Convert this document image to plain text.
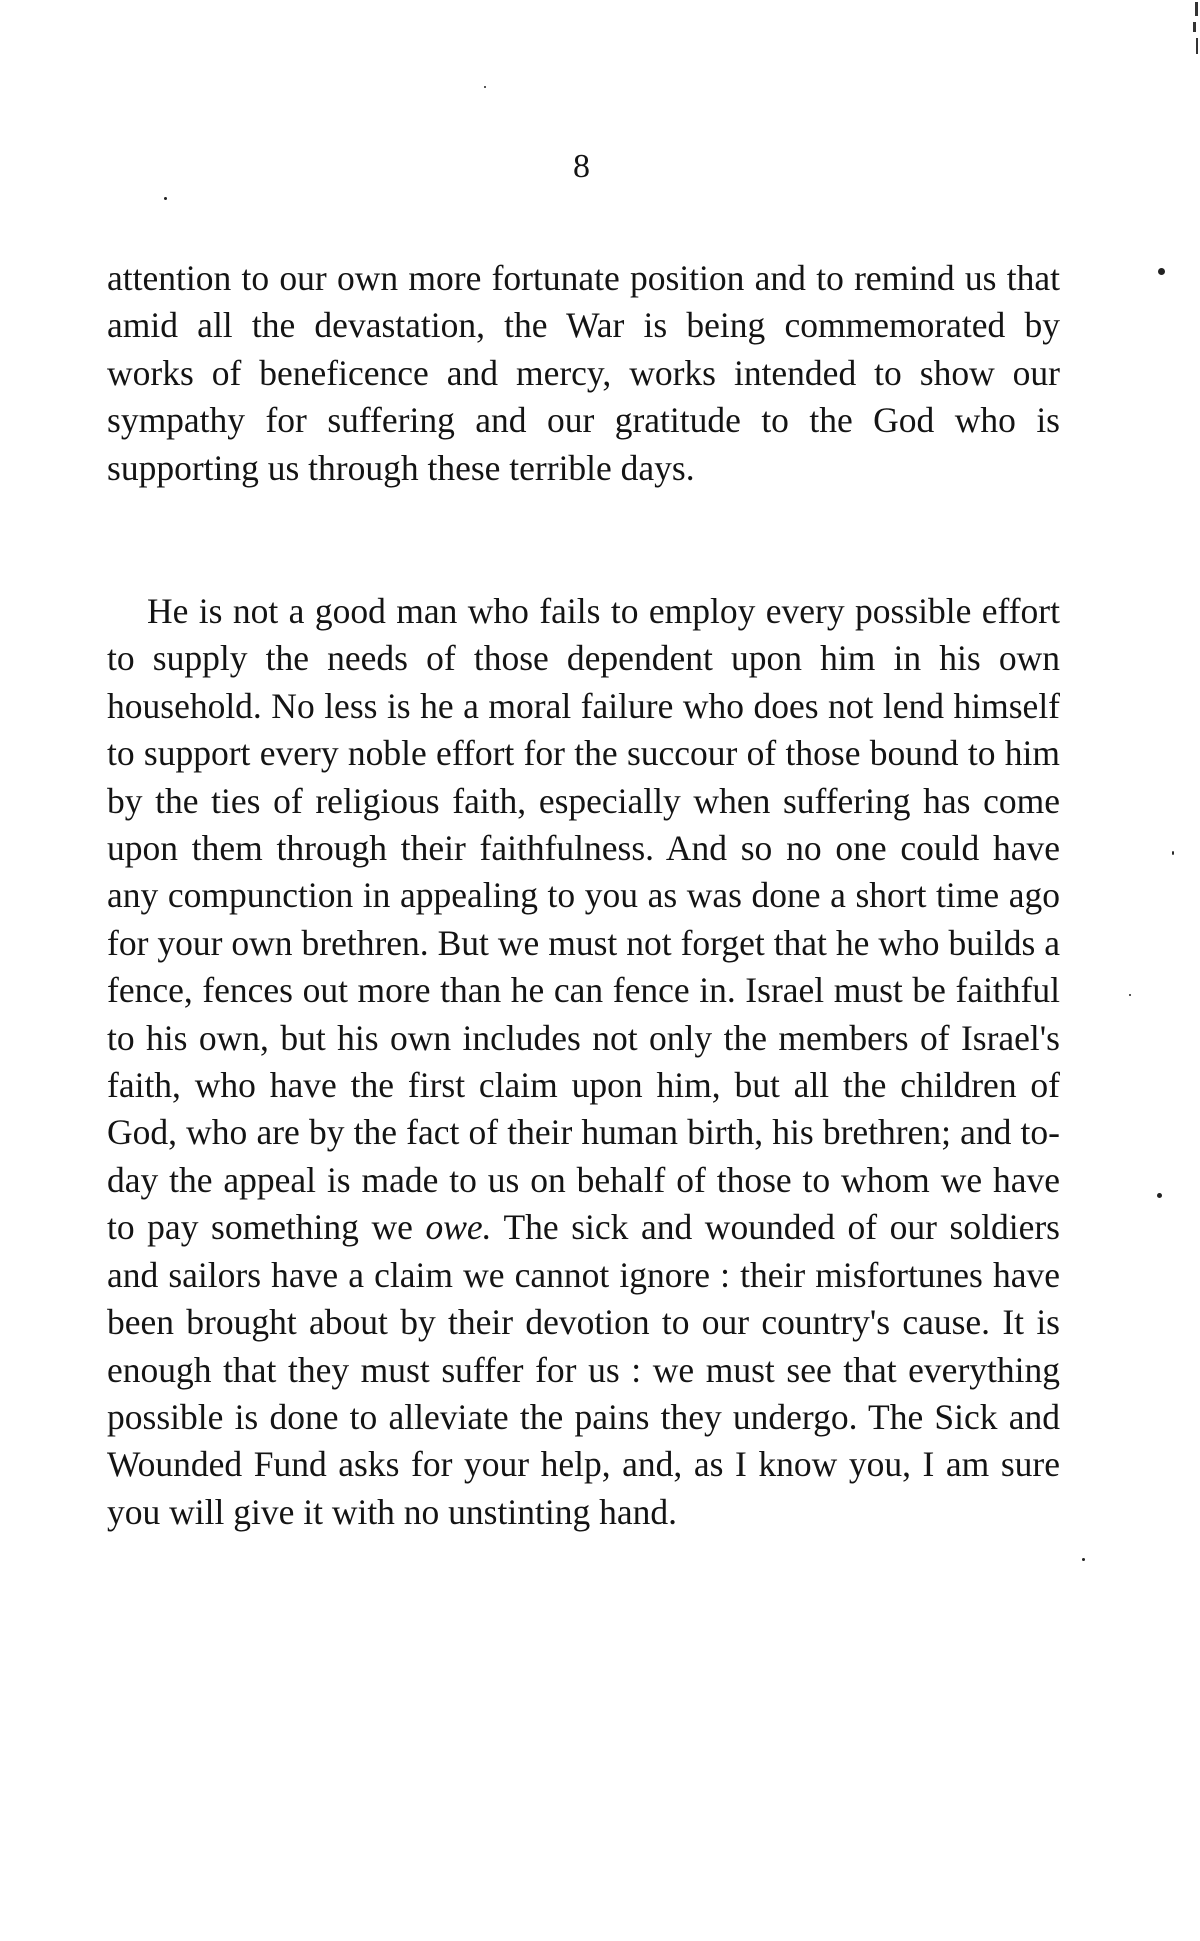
8

attention to our own more fortunate position and to remind us that amid all the devastation, the War is being commemorated by works of beneficence and mercy, works intended to show our sympathy for suffering and our gratitude to the God who is supporting us through these terrible days.

He is not a good man who fails to employ every possible effort to supply the needs of those dependent upon him in his own household. No less is he a moral failure who does not lend himself to support every noble effort for the succour of those bound to him by the ties of religious faith, especially when suffering has come upon them through their faithfulness. And so no one could have any compunction in appealing to you as was done a short time ago for your own brethren. But we must not forget that he who builds a fence, fences out more than he can fence in. Israel must be faithful to his own, but his own includes not only the members of Israel's faith, who have the first claim upon him, but all the children of God, who are by the fact of their human birth, his brethren; and to-day the appeal is made to us on behalf of those to whom we have to pay something we owe. The sick and wounded of our soldiers and sailors have a claim we cannot ignore : their misfortunes have been brought about by their devotion to our country's cause. It is enough that they must suffer for us : we must see that everything possible is done to alleviate the pains they undergo. The Sick and Wounded Fund asks for your help, and, as I know you, I am sure you will give it with no unstinting hand.
